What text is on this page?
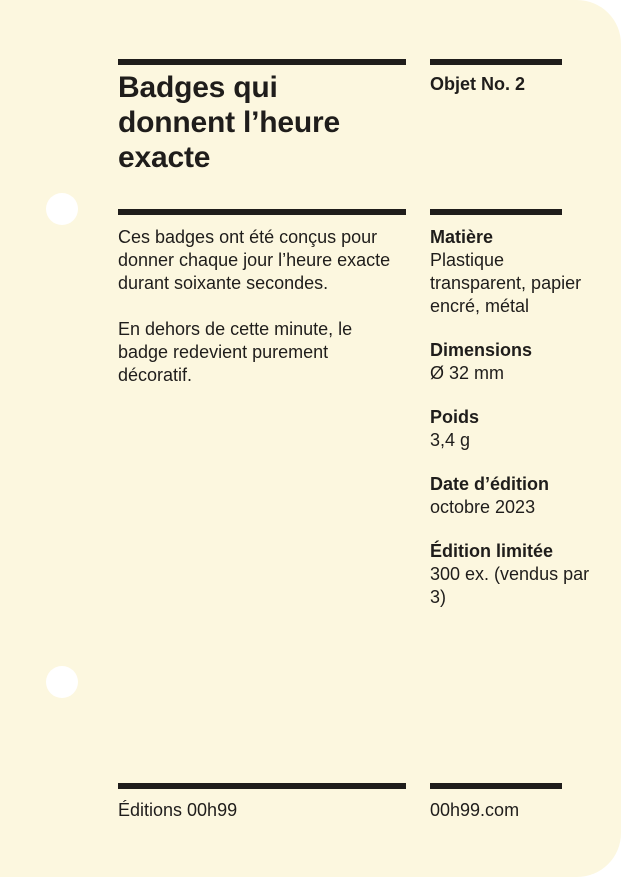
Badges qui
donnent l’heure
exacte
Objet No. 2

Ces badges ont été conçus pour donner chaque jour l’heure exacte durant soixante secondes.

En dehors de cette minute, le badge redevient purement décoratif.

Matière
Plastique transparent, papier encré, métal
Dimensions
Ø 32 mm
Poids
3,4 g
Date d’édition
octobre 2023
Édition limitée
300 ex. (vendus par 3)
Éditions 00h99	00h99.com
